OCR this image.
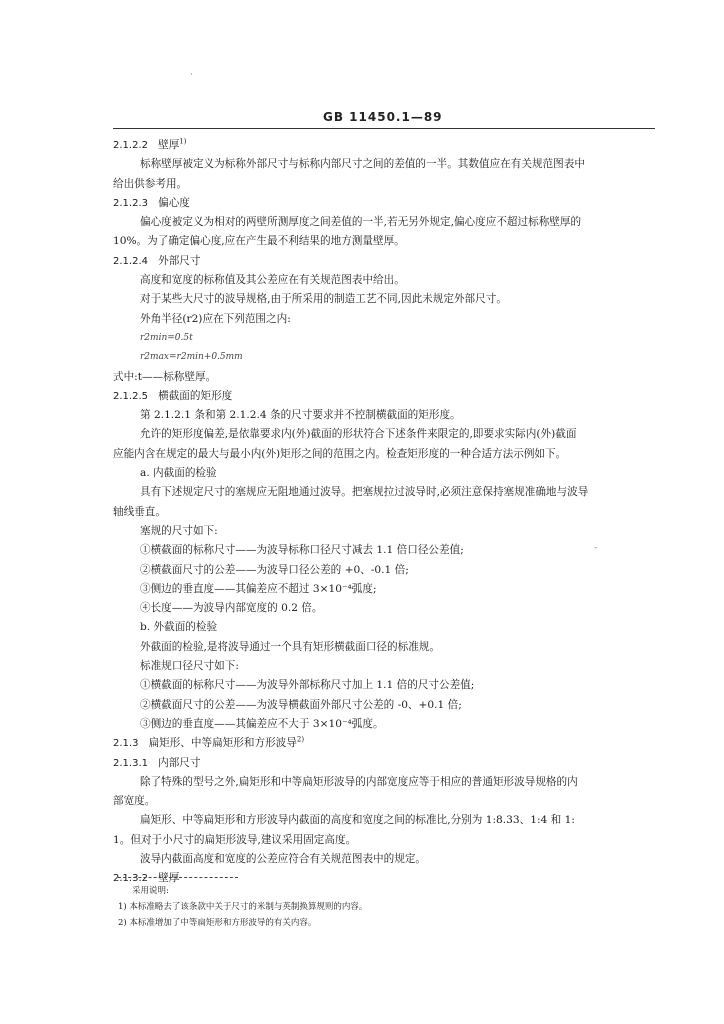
·
-
GB 11450.1—89
2.1.2.2 壁厚$^{1)}$
标称壁厚被定义为标称外部尺寸与标称内部尺寸之间的差值的一半。其数值应在有关规范图表中
给出供参考用。
2.1.2.3 偏心度
偏心度被定义为相对的两壁所测厚度之间差值的一半,若无另外规定,偏心度应不超过标称壁厚的
10%。为了确定偏心度,应在产生最不利结果的地方测量壁厚。
2.1.2.4 外部尺寸
高度和宽度的标称值及其公差应在有关规范图表中给出。
对于某些大尺寸的波导规格,由于所采用的制造工艺不同,因此未规定外部尺寸。
外角半径(r2)应在下列范围之内:
r2min=0.5t
r2max=r2min+0.5mm
式中:t——标称壁厚。
2.1.2.5 横截面的矩形度
第 2.1.2.1 条和第 2.1.2.4 条的尺寸要求并不控制横截面的矩形度。
允许的矩形度偏差,是依靠要求内(外)截面的形状符合下述条件来限定的,即要求实际内(外)截面
应能内含在规定的最大与最小内(外)矩形之间的范围之内。检查矩形度的一种合适方法示例如下。
a. 内截面的检验
具有下述规定尺寸的塞规应无阻地通过波导。把塞规拉过波导时,必须注意保持塞规准确地与波导
轴线垂直。
塞规的尺寸如下:
①横截面的标称尺寸——为波导标称口径尺寸减去 1.1 倍口径公差值;
②横截面尺寸的公差——为波导口径公差的 +0、-0.1 倍;
③侧边的垂直度——其偏差应不超过 3×10⁻⁴弧度;
④长度——为波导内部宽度的 0.2 倍。
b. 外截面的检验
外截面的检验,是将波导通过一个具有矩形横截面口径的标准规。
标准规口径尺寸如下:
①横截面的标称尺寸——为波导外部标称尺寸加上 1.1 倍的尺寸公差值;
②横截面尺寸的公差——为波导横截面外部尺寸公差的 -0、+0.1 倍;
③侧边的垂直度——其偏差应不大于 3×10⁻⁴弧度。
2.1.3 扁矩形、中等扁矩形和方形波导$^{2)}$
2.1.3.1 内部尺寸
除了特殊的型号之外,扁矩形和中等扁矩形波导的内部宽度应等于相应的普通矩形波导规格的内
部宽度。
扁矩形、中等扁矩形和方形波导内截面的高度和宽度之间的标准比,分别为 1:8.33、1:4 和 1:
1。但对于小尺寸的扁矩形波导,建议采用固定高度。
波导内截面高度和宽度的公差应符合有关规范图表中的规定。
2.1.3.2 壁厚
采用说明:
1) 本标准略去了该条款中关于尺寸的米制与英制换算规则的内容。
2) 本标准增加了中等扁矩形和方形波导的有关内容。
